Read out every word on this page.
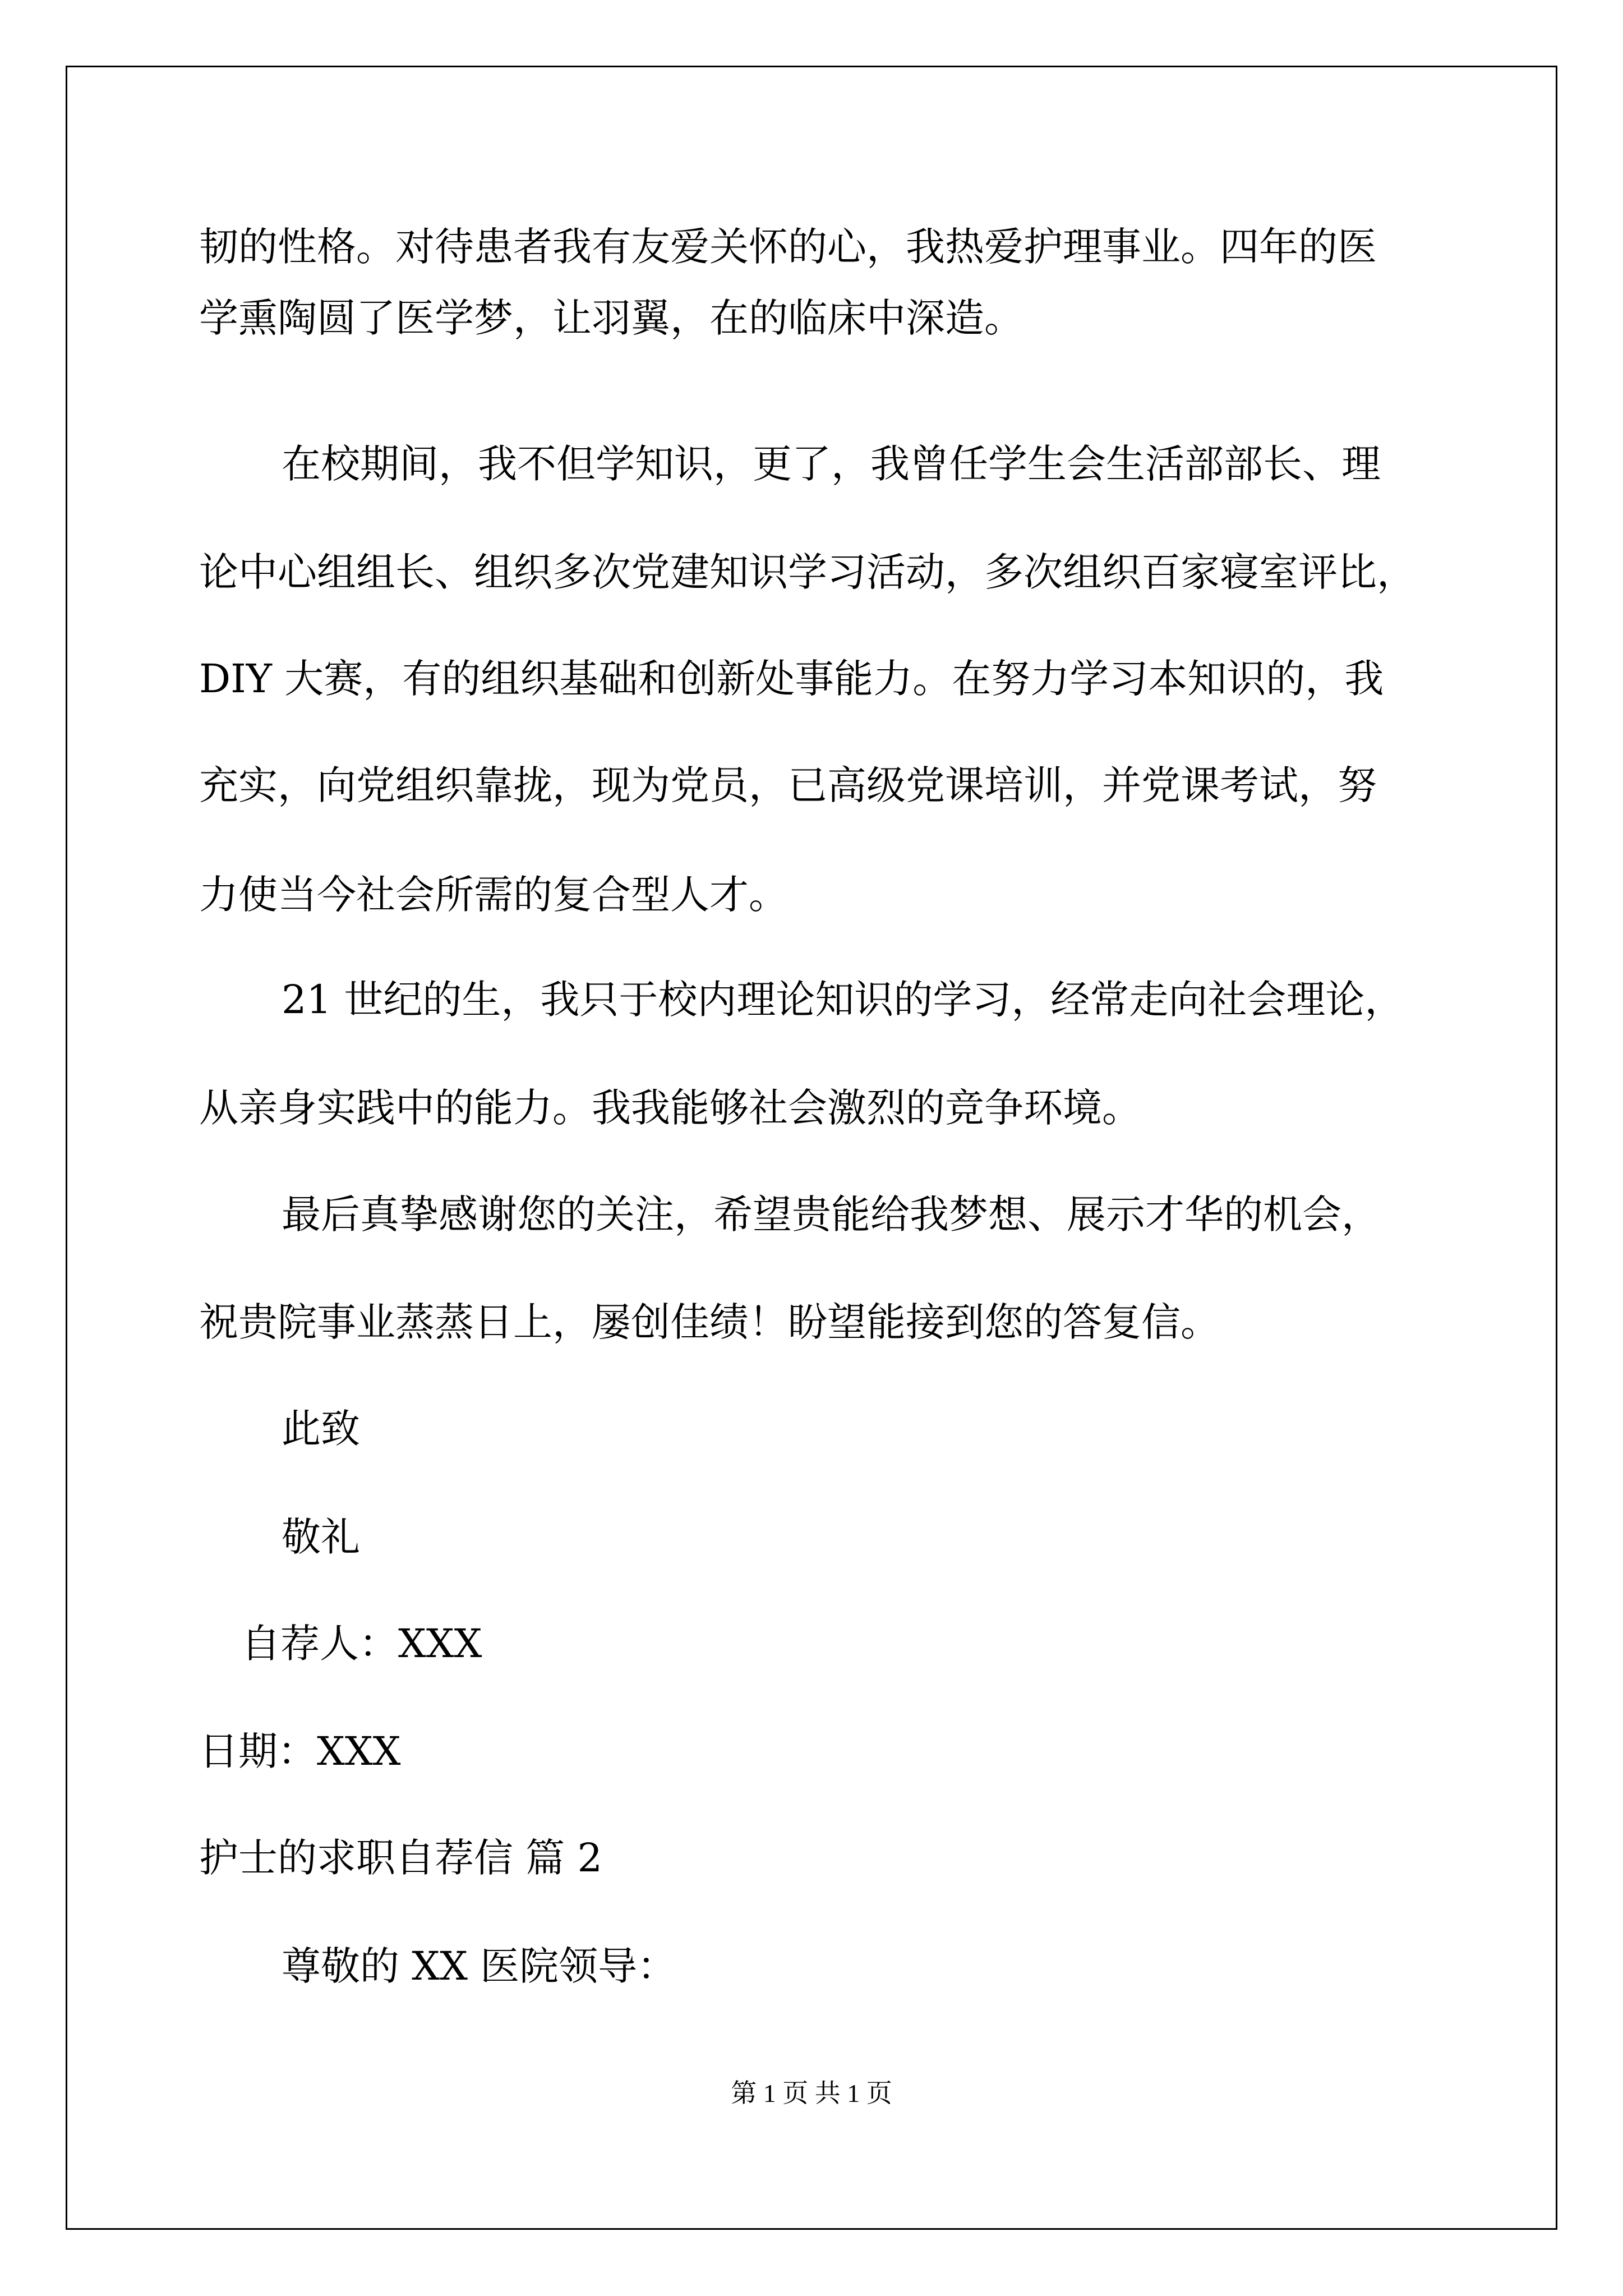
韧的性格。对待患者我有友爱关怀的心，我热爱护理事业。四年的医
学熏陶圆了医学梦，让羽翼，在的临床中深造。
在校期间，我不但学知识，更了，我曾任学生会生活部部长、理
论中心组组长、组织多次党建知识学习活动，多次组织百家寝室评比，
DIY 大赛，有的组织基础和创新处事能力。在努力学习本知识的，我
充实，向党组织靠拢，现为党员，已高级党课培训，并党课考试，努
力使当今社会所需的复合型人才。
21 世纪的生，我只于校内理论知识的学习，经常走向社会理论，
从亲身实践中的能力。我我能够社会激烈的竞争环境。
最后真挚感谢您的关注，希望贵能给我梦想、展示才华的机会，
祝贵院事业蒸蒸日上，屡创佳绩！盼望能接到您的答复信。
此致
敬礼
自荐人：XXX
日期：XXX
护士的求职自荐信 篇 2
尊敬的 XX 医院领导：
第 1 页 共 1 页
